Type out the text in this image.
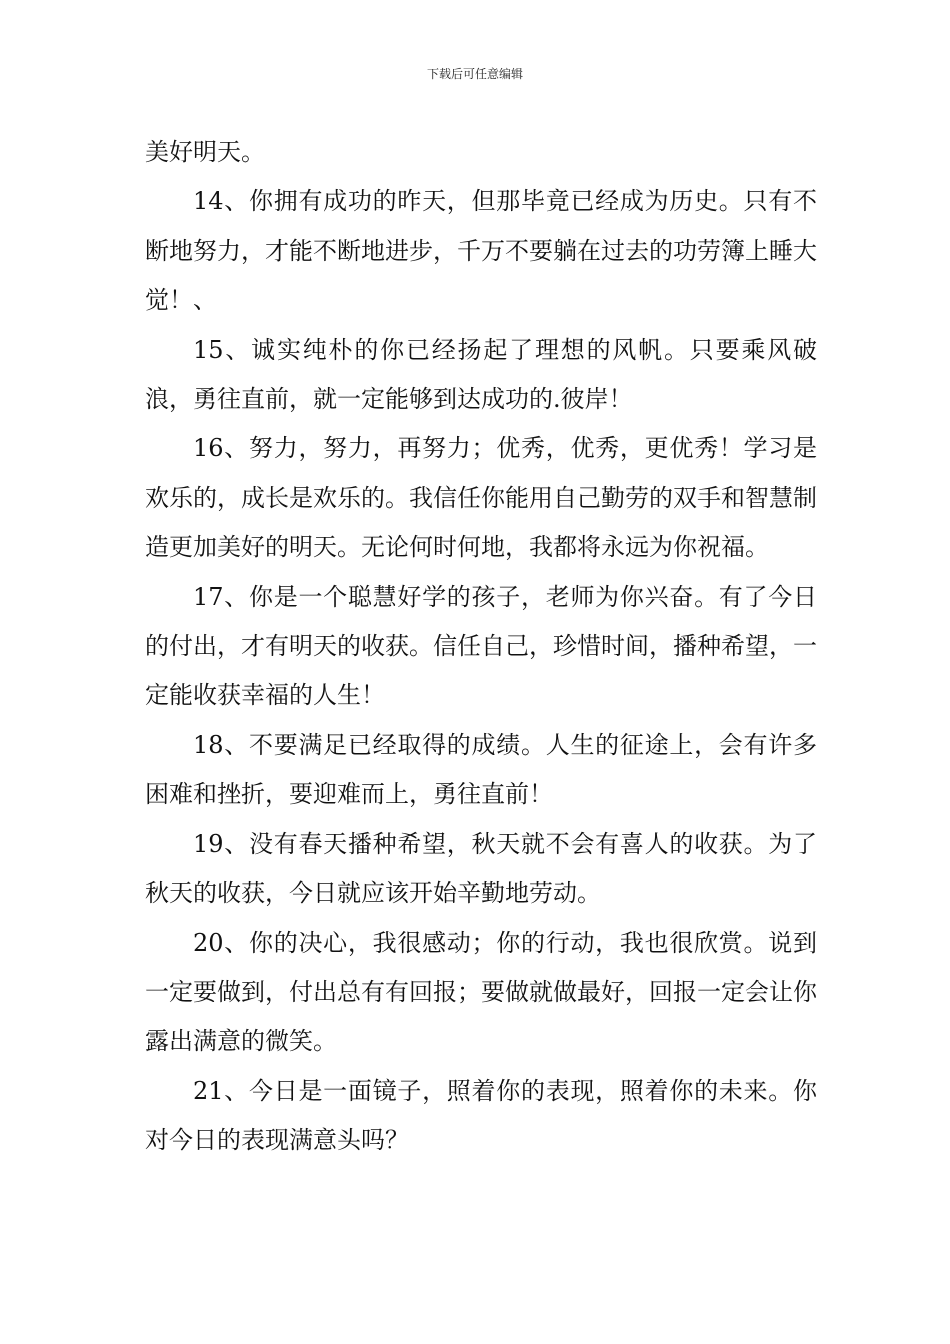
下载后可任意编辑

美好明天。

14、你拥有成功的昨天，但那毕竟已经成为历史。只有不断地努力，才能不断地进步，千万不要躺在过去的功劳簿上睡大觉！、

15、诚实纯朴的你已经扬起了理想的风帆。只要乘风破浪，勇往直前，就一定能够到达成功的.彼岸！

16、努力，努力，再努力；优秀，优秀，更优秀！学习是欢乐的，成长是欢乐的。我信任你能用自己勤劳的双手和智慧制造更加美好的明天。无论何时何地，我都将永远为你祝福。

17、你是一个聪慧好学的孩子，老师为你兴奋。有了今日的付出，才有明天的收获。信任自己，珍惜时间，播种希望，一定能收获幸福的人生！

18、不要满足已经取得的成绩。人生的征途上，会有许多困难和挫折，要迎难而上，勇往直前！

19、没有春天播种希望，秋天就不会有喜人的收获。为了秋天的收获，今日就应该开始辛勤地劳动。

20、你的决心，我很感动；你的行动，我也很欣赏。说到一定要做到，付出总有有回报；要做就做最好，回报一定会让你露出满意的微笑。

21、今日是一面镜子，照着你的表现，照着你的未来。你对今日的表现满意头吗？
